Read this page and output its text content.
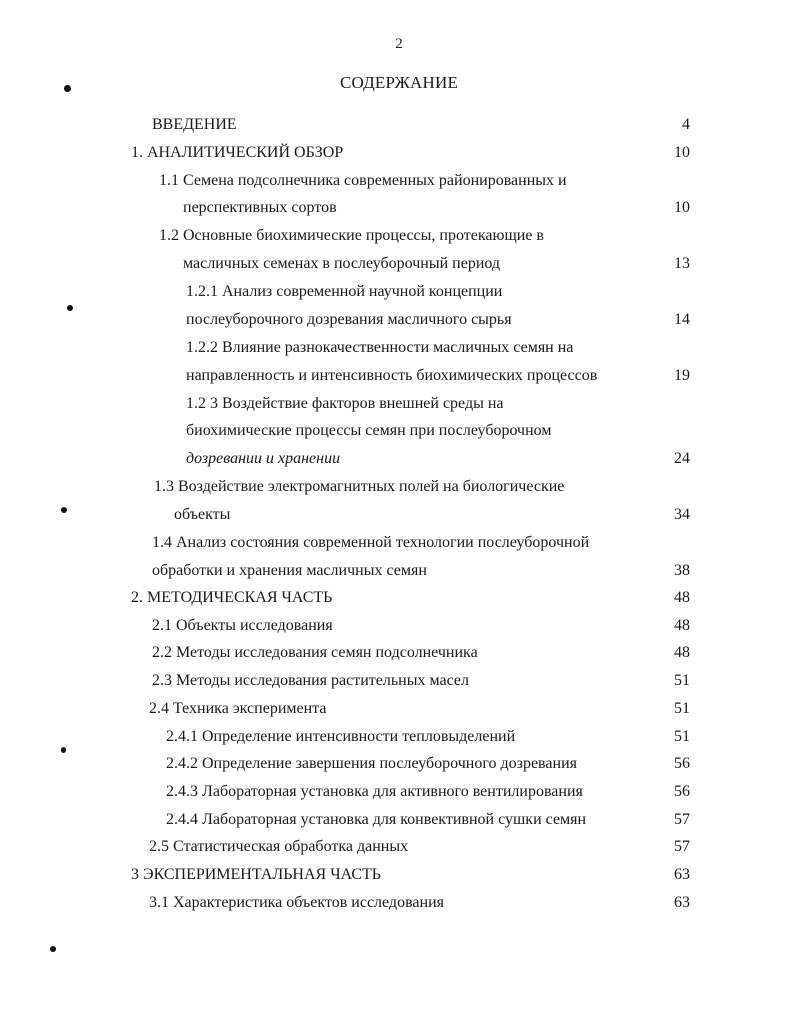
2
СОДЕРЖАНИЕ
ВВЕДЕНИЕ	4
1. АНАЛИТИЧЕСКИЙ ОБЗОР	10
1.1 Семена подсолнечника современных районированных и
перспективных сортов	10
1.2 Основные биохимические процессы, протекающие в
масличных семенах в послеуборочный период	13
1.2.1 Анализ современной научной концепции
послеуборочного дозревания масличного сырья	14
1.2.2 Влияние разнокачественности масличных семян на
направленность и интенсивность биохимических процессов	19
1.2 3 Воздействие факторов внешней среды на
биохимические процессы семян при послеуборочном
дозревании и хранении	24
1.3 Воздействие электромагнитных полей на биологические
объекты	34
1.4 Анализ состояния современной технологии послеуборочной
обработки и хранения масличных семян	38
2. МЕТОДИЧЕСКАЯ ЧАСТЬ	48
2.1 Объекты исследования	48
2.2 Методы исследования семян подсолнечника	48
2.3 Методы исследования растительных масел	51
2.4 Техника эксперимента	51
2.4.1 Определение интенсивности тепловыделений	51
2.4.2 Определение завершения послеуборочного дозревания	56
2.4.3 Лабораторная установка для активного вентилирования	56
2.4.4 Лабораторная установка для конвективной сушки семян	57
2.5 Статистическая обработка данных	57
3 ЭКСПЕРИМЕНТАЛЬНАЯ ЧАСТЬ	63
3.1 Характеристика объектов исследования	63
